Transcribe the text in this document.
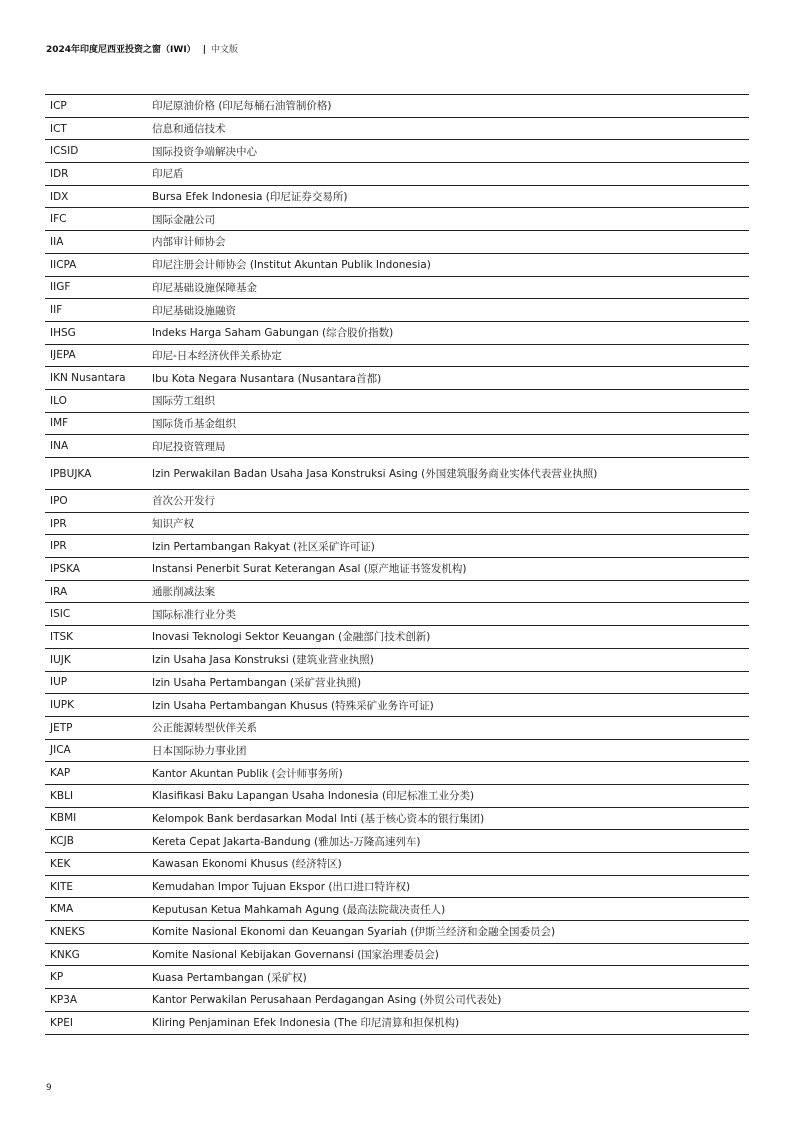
2024年印度尼西亚投资之窗（IWI） | 中文版
ICP	印尼原油价格 (印尼每桶石油管制价格)
ICT	信息和通信技术
ICSID	国际投资争端解决中心
IDR	印尼盾
IDX	Bursa Efek Indonesia (印尼证券交易所)
IFC	国际金融公司
IIA	内部审计师协会
IICPA	印尼注册会计师协会 (Institut Akuntan Publik Indonesia)
IIGF	印尼基础设施保障基金
IIF	印尼基础设施融资
IHSG	Indeks Harga Saham Gabungan (综合股价指数)
IJEPA	印尼-日本经济伙伴关系协定
IKN Nusantara	Ibu Kota Negara Nusantara (Nusantara首都)
ILO	国际劳工组织
IMF	国际货币基金组织
INA	印尼投资管理局
IPBUJKA	Izin Perwakilan Badan Usaha Jasa Konstruksi Asing (外国建筑服务商业实体代表营业执照)
IPO	首次公开发行
IPR	知识产权
IPR	Izin Pertambangan Rakyat (社区采矿许可证)
IPSKA	Instansi Penerbit Surat Keterangan Asal (原产地证书签发机构)
IRA	通胀削减法案
ISIC	国际标准行业分类
ITSK	Inovasi Teknologi Sektor Keuangan (金融部门技术创新)
IUJK	Izin Usaha Jasa Konstruksi (建筑业营业执照)
IUP	Izin Usaha Pertambangan (采矿营业执照)
IUPK	Izin Usaha Pertambangan Khusus (特殊采矿业务许可证)
JETP	公正能源转型伙伴关系
JICA	日本国际协力事业团
KAP	Kantor Akuntan Publik (会计师事务所)
KBLI	Klasifikasi Baku Lapangan Usaha Indonesia (印尼标准工业分类)
KBMI	Kelompok Bank berdasarkan Modal Inti (基于核心资本的银行集团)
KCJB	Kereta Cepat Jakarta-Bandung (雅加达-万隆高速列车)
KEK	Kawasan Ekonomi Khusus (经济特区)
KITE	Kemudahan Impor Tujuan Ekspor (出口进口特许权)
KMA	Keputusan Ketua Mahkamah Agung (最高法院裁决责任人)
KNEKS	Komite Nasional Ekonomi dan Keuangan Syariah (伊斯兰经济和金融全国委员会)
KNKG	Komite Nasional Kebijakan Governansi (国家治理委员会)
KP	Kuasa Pertambangan (采矿权)
KP3A	Kantor Perwakilan Perusahaan Perdagangan Asing (外贸公司代表处)
KPEI	Kliring Penjaminan Efek Indonesia (The 印尼清算和担保机构)
9
